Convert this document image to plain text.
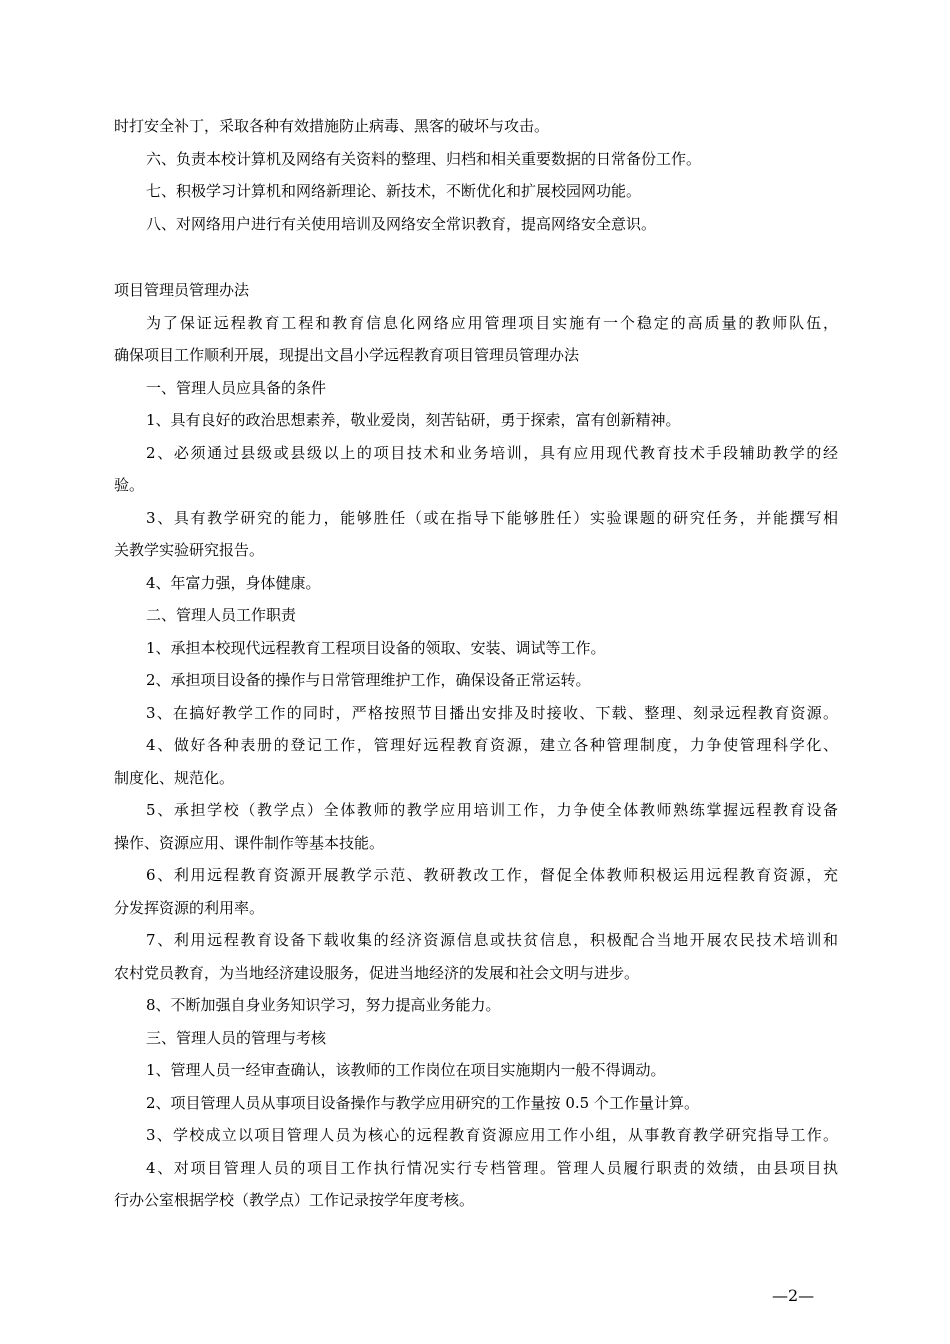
时打安全补丁，采取各种有效措施防止病毒、黑客的破坏与攻击。
六、负责本校计算机及网络有关资料的整理、归档和相关重要数据的日常备份工作。
七、积极学习计算机和网络新理论、新技术，不断优化和扩展校园网功能。
八、对网络用户进行有关使用培训及网络安全常识教育，提高网络安全意识。
项目管理员管理办法
为了保证远程教育工程和教育信息化网络应用管理项目实施有一个稳定的高质量的教师队伍，
确保项目工作顺利开展，现提出文昌小学远程教育项目管理员管理办法
一、管理人员应具备的条件
1、具有良好的政治思想素养，敬业爱岗，刻苦钻研，勇于探索，富有创新精神。
2、必须通过县级或县级以上的项目技术和业务培训，具有应用现代教育技术手段辅助教学的经
验。
3、具有教学研究的能力，能够胜任（或在指导下能够胜任）实验课题的研究任务，并能撰写相
关教学实验研究报告。
4、年富力强，身体健康。
二、管理人员工作职责
1、承担本校现代远程教育工程项目设备的领取、安装、调试等工作。
2、承担项目设备的操作与日常管理维护工作，确保设备正常运转。
3、在搞好教学工作的同时，严格按照节目播出安排及时接收、下载、整理、刻录远程教育资源。
4、做好各种表册的登记工作，管理好远程教育资源，建立各种管理制度，力争使管理科学化、
制度化、规范化。
5、承担学校（教学点）全体教师的教学应用培训工作，力争使全体教师熟练掌握远程教育设备
操作、资源应用、课件制作等基本技能。
6、利用远程教育资源开展教学示范、教研教改工作，督促全体教师积极运用远程教育资源，充
分发挥资源的利用率。
7、利用远程教育设备下载收集的经济资源信息或扶贫信息，积极配合当地开展农民技术培训和
农村党员教育，为当地经济建设服务，促进当地经济的发展和社会文明与进步。
8、不断加强自身业务知识学习，努力提高业务能力。
三、管理人员的管理与考核
1、管理人员一经审查确认，该教师的工作岗位在项目实施期内一般不得调动。
2、项目管理人员从事项目设备操作与教学应用研究的工作量按 0.5 个工作量计算。
3、学校成立以项目管理人员为核心的远程教育资源应用工作小组，从事教育教学研究指导工作。
4、对项目管理人员的项目工作执行情况实行专档管理。管理人员履行职责的效绩，由县项目执
行办公室根据学校（教学点）工作记录按学年度考核。
—2—
